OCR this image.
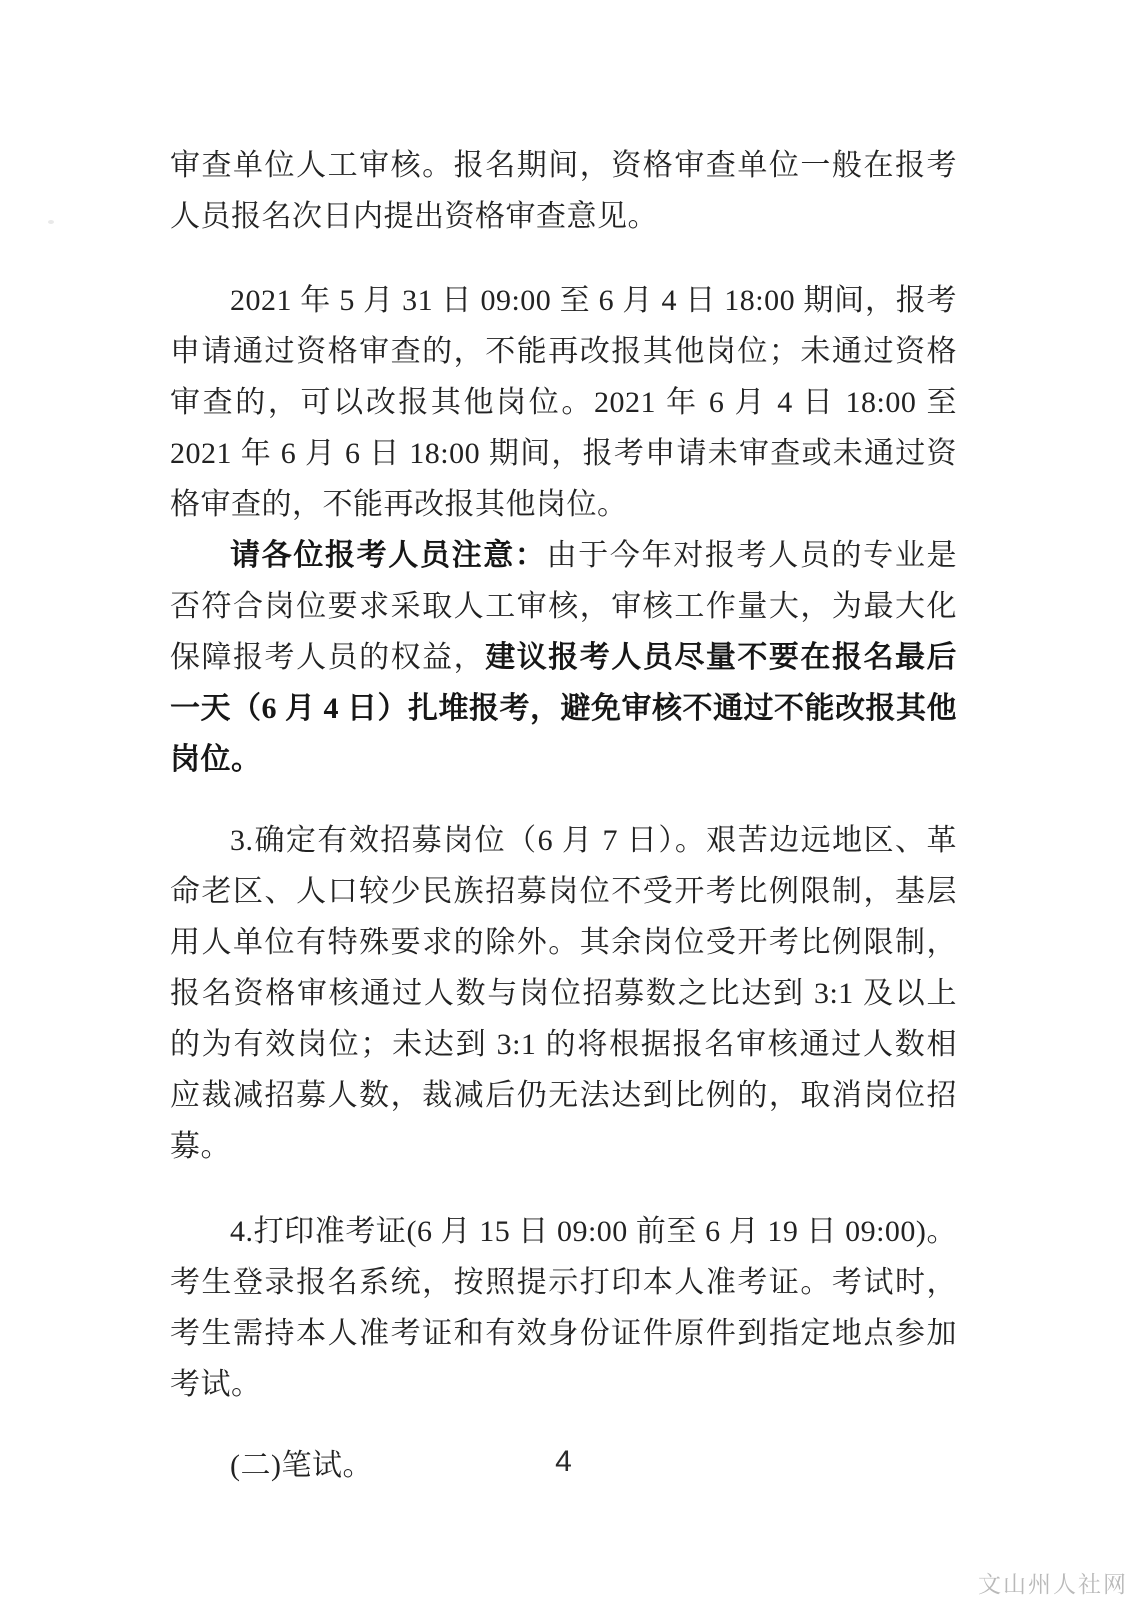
审查单位人工审核。报名期间，资格审查单位一般在报考人员报名次日内提出资格审查意见。

2021 年 5 月 31 日 09:00 至 6 月 4 日 18:00 期间，报考申请通过资格审查的，不能再改报其他岗位；未通过资格审查的，可以改报其他岗位。2021 年 6 月 4 日 18:00 至 2021 年 6 月 6 日 18:00 期间，报考申请未审查或未通过资格审查的，不能再改报其他岗位。

请各位报考人员注意：由于今年对报考人员的专业是否符合岗位要求采取人工审核，审核工作量大，为最大化保障报考人员的权益，建议报考人员尽量不要在报名最后一天（6 月 4 日）扎堆报考，避免审核不通过不能改报其他岗位。

3.确定有效招募岗位（6 月 7 日）。艰苦边远地区、革命老区、人口较少民族招募岗位不受开考比例限制，基层用人单位有特殊要求的除外。其余岗位受开考比例限制，报名资格审核通过人数与岗位招募数之比达到 3:1 及以上的为有效岗位；未达到 3:1 的将根据报名审核通过人数相应裁减招募人数，裁减后仍无法达到比例的，取消岗位招募。

4.打印准考证(6 月 15 日 09:00 前至 6 月 19 日 09:00)。考生登录报名系统，按照提示打印本人准考证。考试时，考生需持本人准考证和有效身份证件原件到指定地点参加考试。

(二)笔试。	4
文山州人社网
